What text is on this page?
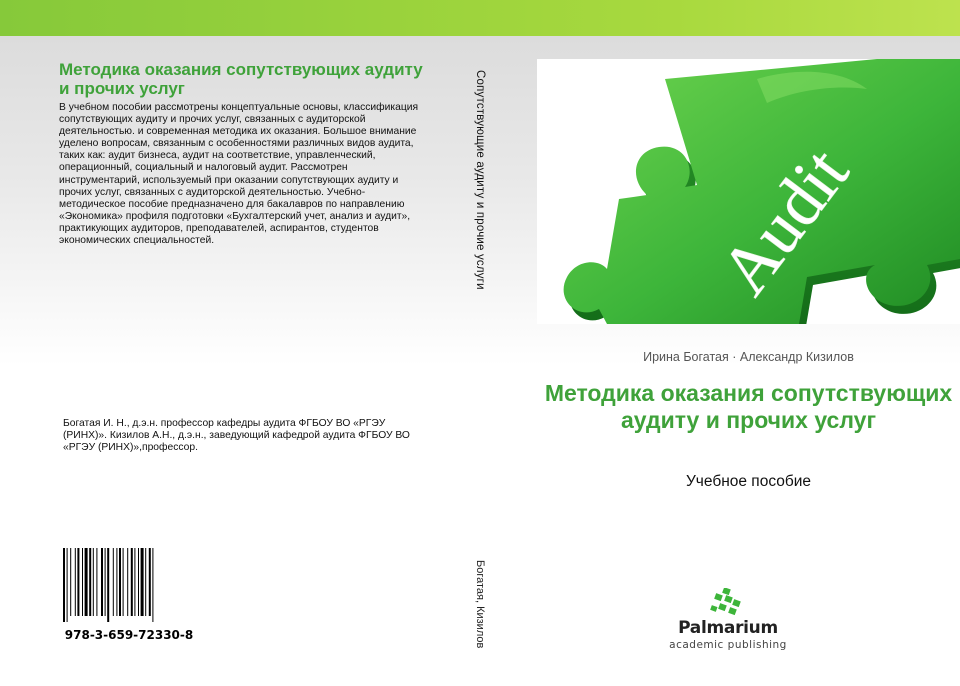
Методика оказания сопутствующих аудиту и прочих услуг

В учебном пособии рассмотрены концептуальные основы, классификация сопутствующих аудиту и прочих услуг, связанных с аудиторской деятельностью. и современная методика их оказания. Большое внимание уделено вопросам, связанным с особенностями различных видов аудита, таких как: аудит бизнеса, аудит на соответствие, управленческий, операционный, социальный и налоговый аудит. Рассмотрен инструментарий, используемый при оказании сопутствующих аудиту и прочих услуг, связанных с аудиторской деятельностью. Учебно-методическое пособие предназначено для бакалавров по направлению «Экономика» профиля подготовки «Бухгалтерский учет, анализ и аудит», практикующих аудиторов, преподавателей, аспирантов, студентов экономических специальностей.

Богатая И. Н., д.э.н. профессор кафедры аудита ФГБОУ ВО «РГЭУ (РИНХ)». Кизилов А.Н., д.э.н., заведующий кафедрой аудита ФГБОУ ВО «РГЭУ (РИНХ)»,профессор.

978-3-659-72330-8
Сопутствующие аудиту и прочие услуги
Богатая, Кизилов
Audit

Ирина Богатая · Александр Кизилов

Методика оказания сопутствующих аудиту и прочих услуг

Учебное пособие

Palmarium
academic publishing
